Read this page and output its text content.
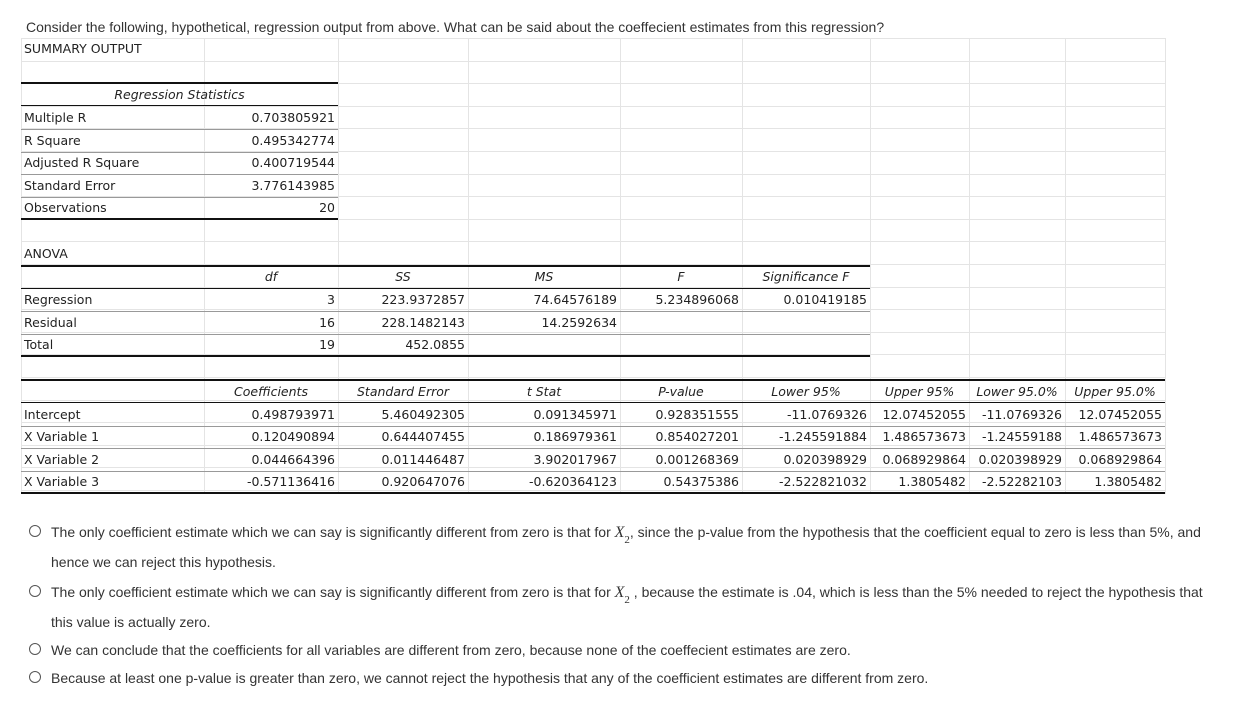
Consider the following, hypothetical, regression output from above. What can be said about the coeffecient estimates from this regression?
SUMMARY OUTPUT
Regression Statistics
Multiple R	0.703805921
R Square	0.495342774
Adjusted R Square	0.400719544
Standard Error	3.776143985
Observations	20
ANOVA
df	SS	MS	F	Significance F
Regression	3	223.9372857	74.64576189	5.234896068	0.010419185
Residual	16	228.1482143	14.2592634
Total	19	452.0855
Coefficients	Standard Error	t Stat	P-value	Lower 95%	Upper 95%	Lower 95.0%	Upper 95.0%
Intercept	0.498793971	5.460492305	0.091345971	0.928351555	-11.0769326	12.07452055	-11.0769326	12.07452055
X Variable 1	0.120490894	0.644407455	0.186979361	0.854027201	-1.245591884	1.486573673	-1.24559188	1.486573673
X Variable 2	0.044664396	0.011446487	3.902017967	0.001268369	0.020398929	0.068929864 0.020398929	0.068929864
X Variable 3	-0.571136416	0.920647076	-0.620364123	0.54375386	-2.522821032	1.3805482	-2.52282103	1.3805482
The only coefficient estimate which we can say is significantly different from zero is that for $X_2$, since the p-value from the hypothesis that the coefficient equal to zero is less than 5%, and hence we can reject this hypothesis.
The only coefficient estimate which we can say is significantly different from zero is that for $X_2$ , because the estimate is .04, which is less than the 5% needed to reject the hypothesis that this value is actually zero.
We can conclude that the coefficients for all variables are different from zero, because none of the coeffecient estimates are zero.
Because at least one p-value is greater than zero, we cannot reject the hypothesis that any of the coefficient estimates are different from zero.
